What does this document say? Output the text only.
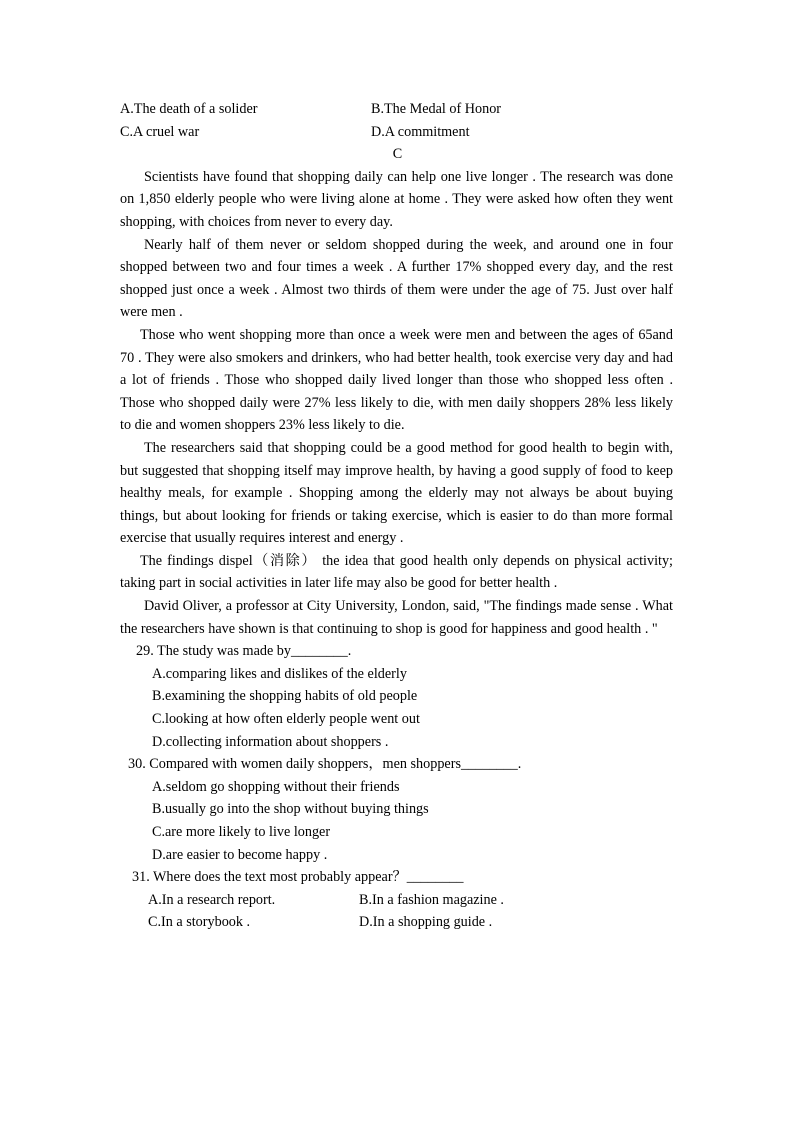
A.The death of a solider	B.The Medal of Honor
C.A cruel war	D.A commitment
C

Scientists have found that shopping daily can help one live longer . The research was done on 1,850 elderly people who were living alone at home . They were asked how often they went shopping, with choices from never to every day.

Nearly half of them never or seldom shopped during the week, and around one in four shopped between two and four times a week . A further 17% shopped every day, and the rest shopped just once a week . Almost two thirds of them were under the age of 75. Just over half were men .

Those who went shopping more than once a week were men and between the ages of 65and 70 . They were also smokers and drinkers, who had better health, took exercise very day and had a lot of friends . Those who shopped daily lived longer than those who shopped less often . Those who shopped daily were 27% less likely to die, with men daily shoppers 28% less likely to die and women shoppers 23% less likely to die.

The researchers said that shopping could be a good method for good health to begin with, but suggested that shopping itself may improve health, by having a good supply of food to keep healthy meals, for example . Shopping among the elderly may not always be about buying things, but about looking for friends or taking exercise, which is easier to do than more formal exercise that usually requires interest and energy .

The findings dispel（消除） the idea that good health only depends on physical activity; taking part in social activities in later life may also be good for better health .

David Oliver, a professor at City University, London, said, "The findings made sense . What the researchers have shown is that continuing to shop is good for happiness and good health . "

29. The study was made by________.
A.comparing likes and dislikes of the elderly
B.examining the shopping habits of old people
C.looking at how often elderly people went out
D.collecting information about shoppers .
30. Compared with women daily shoppers，men shoppers________.
A.seldom go shopping without their friends
B.usually go into the shop without buying things
C.are more likely to live longer
D.are easier to become happy .
31. Where does the text most probably appear？________
A.In a research report.	B.In a fashion magazine .
C.In a storybook .	D.In a shopping guide .
